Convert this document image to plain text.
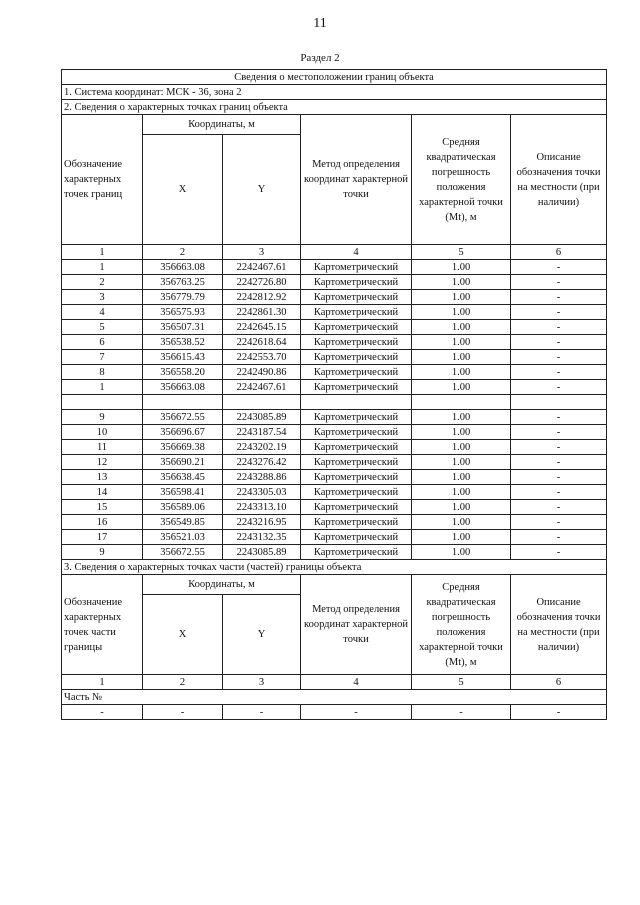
11
Раздел 2
Сведения о местоположении границ объекта					
1. Система координат: МСК - 36, зона 2					
2. Сведения о характерных точках границ объекта					
Обозначение характерных точек границ	Координаты, м		Метод определения координат характерной точки	Средняя квадратическая погрешность положения характерной точки (Mt), м	Описание обозначения точки на местности (при наличии)
	X	Y			
1	2	3	4	5	6
1	356663.08	2242467.61	Картометрический	1.00	-
2	356763.25	2242726.80	Картометрический	1.00	-
3	356779.79	2242812.92	Картометрический	1.00	-
4	356575.93	2242861.30	Картометрический	1.00	-
5	356507.31	2242645.15	Картометрический	1.00	-
6	356538.52	2242618.64	Картометрический	1.00	-
7	356615.43	2242553.70	Картометрический	1.00	-
8	356558.20	2242490.86	Картометрический	1.00	-
1	356663.08	2242467.61	Картометрический	1.00	-

9	356672.55	2243085.89	Картометрический	1.00	-
10	356696.67	2243187.54	Картометрический	1.00	-
11	356669.38	2243202.19	Картометрический	1.00	-
12	356690.21	2243276.42	Картометрический	1.00	-
13	356638.45	2243288.86	Картометрический	1.00	-
14	356598.41	2243305.03	Картометрический	1.00	-
15	356589.06	2243313.10	Картометрический	1.00	-
16	356549.85	2243216.95	Картометрический	1.00	-
17	356521.03	2243132.35	Картометрический	1.00	-
9	356672.55	2243085.89	Картометрический	1.00	-
3. Сведения о характерных точках части (частей) границы объекта					
Обозначение характерных точек части границы	Координаты, м		Метод определения координат характерной точки	Средняя квадратическая погрешность положения характерной точки (Mt), м	Описание обозначения точки на местности (при наличии)
	X	Y			
1	2	3	4	5	6
Часть №					
-	-	-	-	-	-
